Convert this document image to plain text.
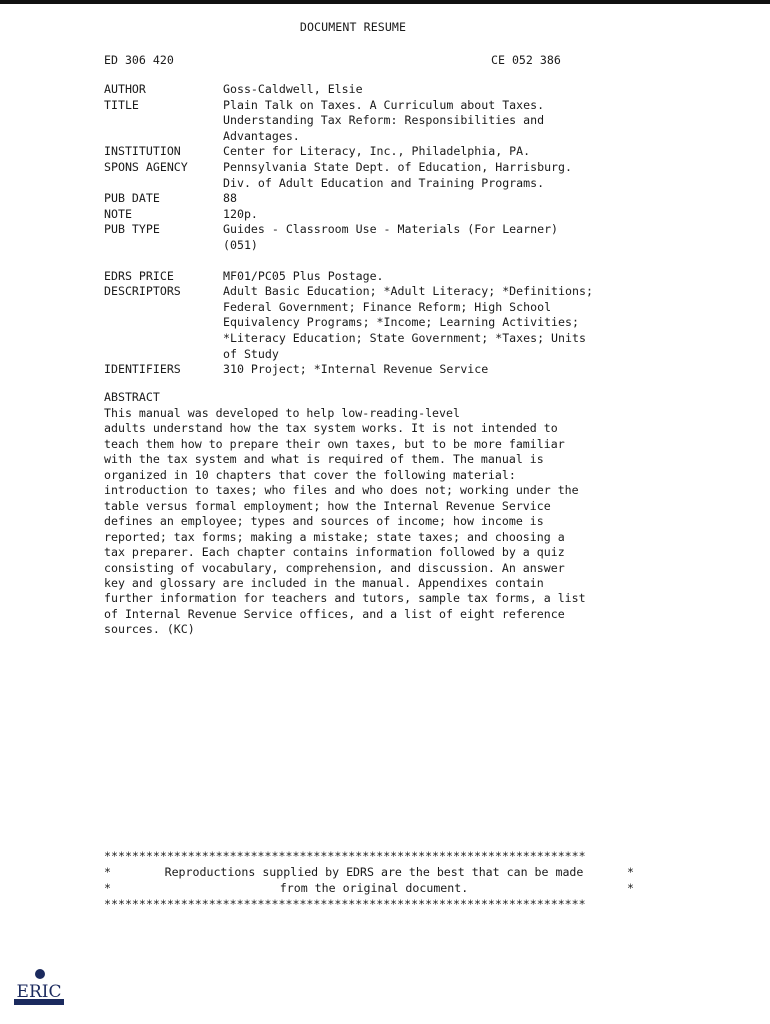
DOCUMENT RESUME
ED 306 420	CE 052 386
AUTHOR	Goss-Caldwell, Elsie
TITLE	Plain Talk on Taxes. A Curriculum about Taxes.
Understanding Tax Reform: Responsibilities and
Advantages.
INSTITUTION	Center for Literacy, Inc., Philadelphia, PA.
SPONS AGENCY	Pennsylvania State Dept. of Education, Harrisburg.
Div. of Adult Education and Training Programs.
PUB DATE	88
NOTE	120p.
PUB TYPE	Guides - Classroom Use - Materials (For Learner)
(051)
EDRS PRICE	MF01/PC05 Plus Postage.
DESCRIPTORS	Adult Basic Education; *Adult Literacy; *Definitions;
Federal Government; Finance Reform; High School
Equivalency Programs; *Income; Learning Activities;
*Literacy Education; State Government; *Taxes; Units
of Study
IDENTIFIERS	310 Project; *Internal Revenue Service
ABSTRACT

This manual was developed to help low-reading-level
adults understand how the tax system works. It is not intended to
teach them how to prepare their own taxes, but to be more familiar
with the tax system and what is required of them. The manual is
organized in 10 chapters that cover the following material:
introduction to taxes; who files and who does not; working under the
table versus formal employment; how the Internal Revenue Service
defines an employee; types and sources of income; how income is
reported; tax forms; making a mistake; state taxes; and choosing a
tax preparer. Each chapter contains information followed by a quiz
consisting of vocabulary, comprehension, and discussion. An answer
key and glossary are included in the manual. Appendixes contain
further information for teachers and tutors, sample tax forms, a list
of Internal Revenue Service offices, and a list of eight reference
sources. (KC)

*********************************************************************
*	Reproductions supplied by EDRS are the best that can be made	*
*	from the original document.	*
*********************************************************************
ERIC
